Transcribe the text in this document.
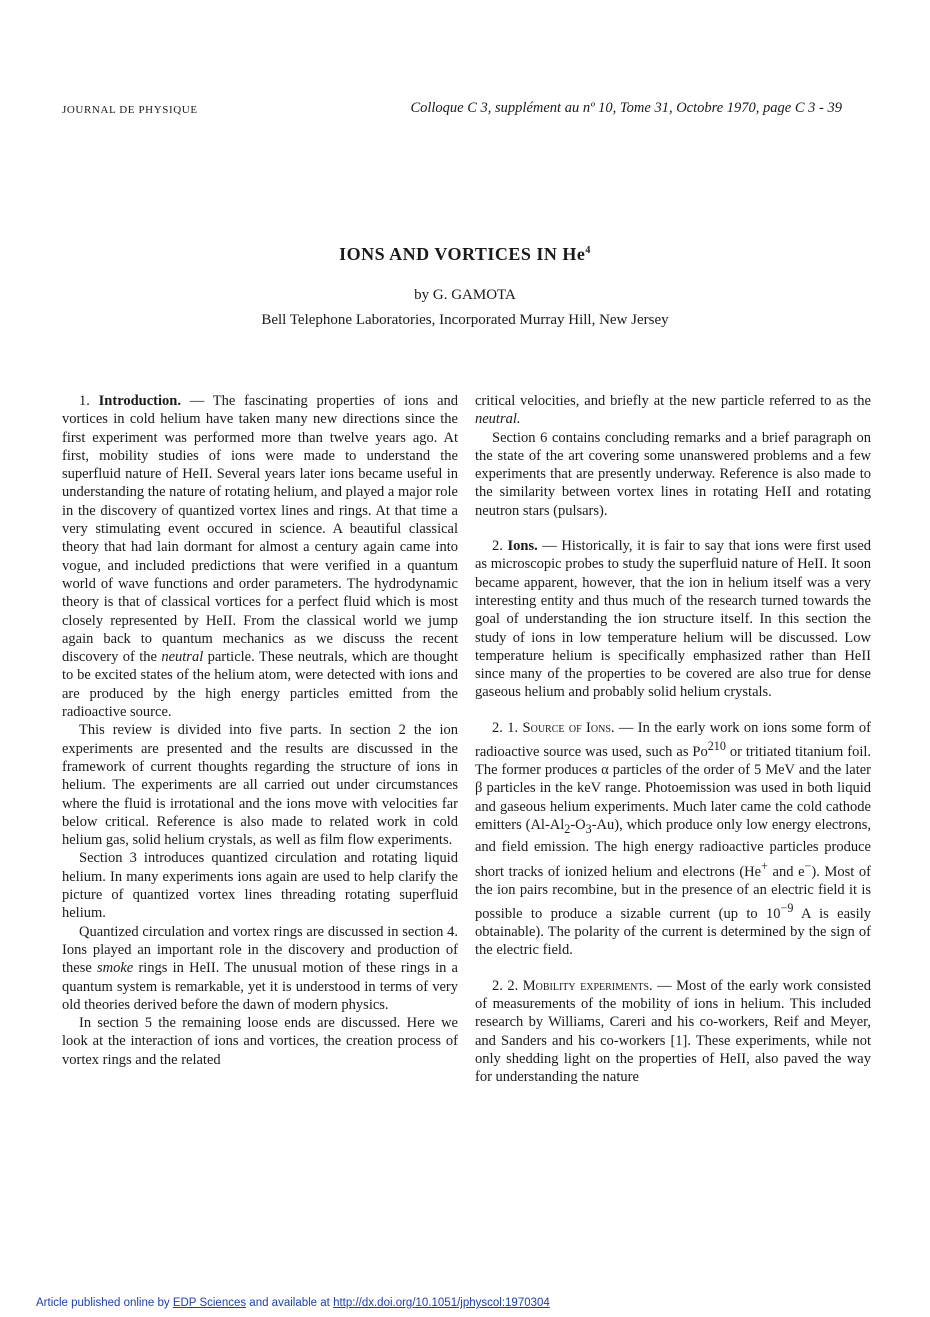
JOURNAL DE PHYSIQUE	Colloque C 3, supplément au nº 10, Tome 31, Octobre 1970, page C 3 - 39
IONS AND VORTICES IN He$^4$
by G. GAMOTA
Bell Telephone Laboratories, Incorporated Murray Hill, New Jersey

1. Introduction. — The fascinating properties of ions and vortices in cold helium have taken many new directions since the first experiment was performed more than twelve years ago. At first, mobility studies of ions were made to understand the superfluid nature of HeII. Several years later ions became useful in understanding the nature of rotating helium, and played a major role in the discovery of quantized vortex lines and rings. At that time a very stimulating event occured in science. A beautiful classical theory that had lain dormant for almost a century again came into vogue, and included predictions that were verified in a quantum world of wave functions and order parameters. The hydrodynamic theory is that of classical vortices for a perfect fluid which is most closely represented by HeII. From the classical world we jump again back to quantum mechanics as we discuss the recent discovery of the neutral particle. These neutrals, which are thought to be excited states of the helium atom, were detected with ions and are produced by the high energy particles emitted from the radioactive source.

This review is divided into five parts. In section 2 the ion experiments are presented and the results are discussed in the framework of current thoughts regarding the structure of ions in helium. The experiments are all carried out under circumstances where the fluid is irrotational and the ions move with velocities far below critical. Reference is also made to related work in cold helium gas, solid helium crystals, as well as film flow experiments.

Section 3 introduces quantized circulation and rotating liquid helium. In many experiments ions again are used to help clarify the picture of quantized vortex lines threading rotating superfluid helium.

Quantized circulation and vortex rings are discussed in section 4. Ions played an important role in the discovery and production of these smoke rings in HeII. The unusual motion of these rings in a quantum system is remarkable, yet it is understood in terms of very old theories derived before the dawn of modern physics.

In section 5 the remaining loose ends are discussed. Here we look at the interaction of ions and vortices, the creation process of vortex rings and the related

critical velocities, and briefly at the new particle referred to as the neutral.

Section 6 contains concluding remarks and a brief paragraph on the state of the art covering some unanswered problems and a few experiments that are presently underway. Reference is also made to the similarity between vortex lines in rotating HeII and rotating neutron stars (pulsars).

2. Ions. — Historically, it is fair to say that ions were first used as microscopic probes to study the superfluid nature of HeII. It soon became apparent, however, that the ion in helium itself was a very interesting entity and thus much of the research turned towards the goal of understanding the ion structure itself. In this section the study of ions in low temperature helium will be discussed. Low temperature helium is specifically emphasized rather than HeII since many of the properties to be covered are also true for dense gaseous helium and probably solid helium crystals.

2. 1. Source of Ions. — In the early work on ions some form of radioactive source was used, such as Po$^{210}$ or tritiated titanium foil. The former produces α particles of the order of 5 MeV and the later β particles in the keV range. Photoemission was used in both liquid and gaseous helium experiments. Much later came the cold cathode emitters $(Al-Al_2-O_3-Au)$, which produce only low energy electrons, and field emission. The high energy radioactive particles produce short tracks of ionized helium and electrons (He+ and e−). Most of the ion pairs recombine, but in the presence of an electric field it is possible to produce a sizable current (up to $10^{-9}$ A is easily obtainable). The polarity of the current is determined by the sign of the electric field.

2. 2. Mobility experiments. — Most of the early work consisted of measurements of the mobility of ions in helium. This included research by Williams, Careri and his co-workers, Reif and Meyer, and Sanders and his co-workers [1]. These experiments, while not only shedding light on the properties of HeII, also paved the way for understanding the nature

Article published online by EDP Sciences and available at http://dx.doi.org/10.1051/jphyscol:1970304
